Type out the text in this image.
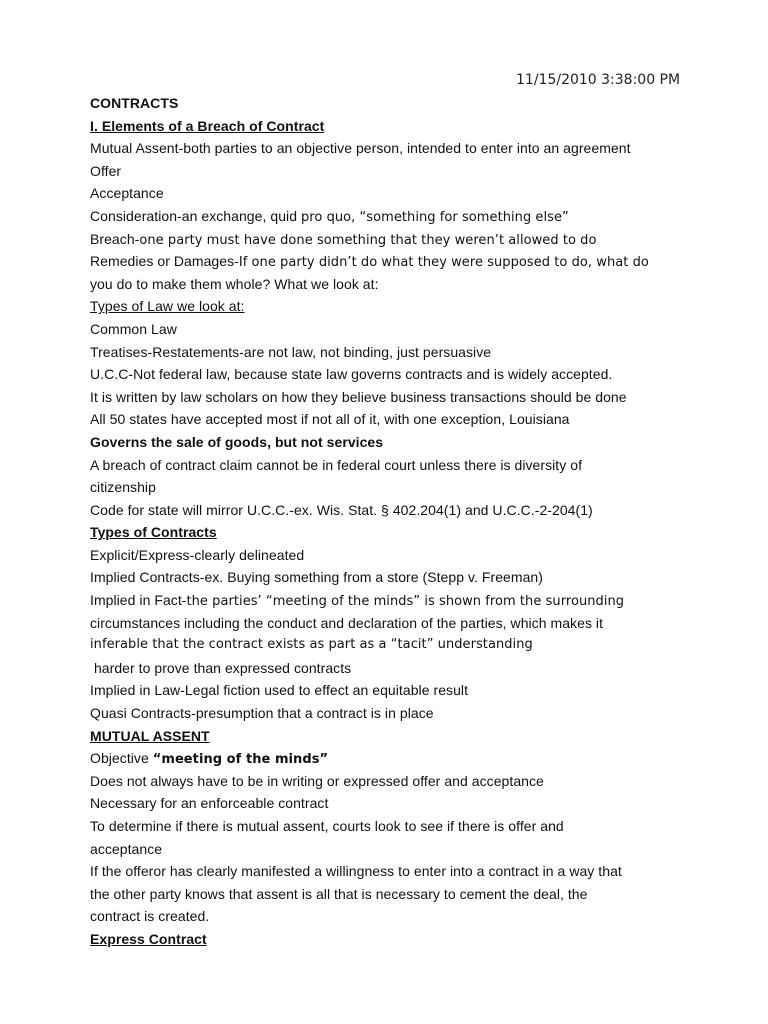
11/15/2010 3:38:00 PM
CONTRACTS
I. Elements of a Breach of Contract
Mutual Assent-both parties to an objective person, intended to enter into an agreement
Offer
Acceptance
Consideration-an exchange, quid pro quo, “something for something else”
Breach-one party must have done something that they weren’t allowed to do
Remedies or Damages-If one party didn’t do what they were supposed to do, what do
you do to make them whole? What we look at:
Types of Law we look at:
Common Law
Treatises-Restatements-are not law, not binding, just persuasive
U.C.C-Not federal law, because state law governs contracts and is widely accepted.
It is written by law scholars on how they believe business transactions should be done
All 50 states have accepted most if not all of it, with one exception, Louisiana
Governs the sale of goods, but not services
A breach of contract claim cannot be in federal court unless there is diversity of
citizenship
Code for state will mirror U.C.C.-ex. Wis. Stat. § 402.204(1) and U.C.C.-2-204(1)
Types of Contracts
Explicit/Express-clearly delineated
Implied Contracts-ex. Buying something from a store (Stepp v. Freeman)
Implied in Fact-the parties’ “meeting of the minds” is shown from the surrounding
circumstances including the conduct and declaration of the parties, which makes it
inferable that the contract exists as part as a “tacit” understanding
harder to prove than expressed contracts
Implied in Law-Legal fiction used to effect an equitable result
Quasi Contracts-presumption that a contract is in place
MUTUAL ASSENT
Objective “meeting of the minds”
Does not always have to be in writing or expressed offer and acceptance
Necessary for an enforceable contract
To determine if there is mutual assent, courts look to see if there is offer and
acceptance
If the offeror has clearly manifested a willingness to enter into a contract in a way that
the other party knows that assent is all that is necessary to cement the deal, the
contract is created.
Express Contract
